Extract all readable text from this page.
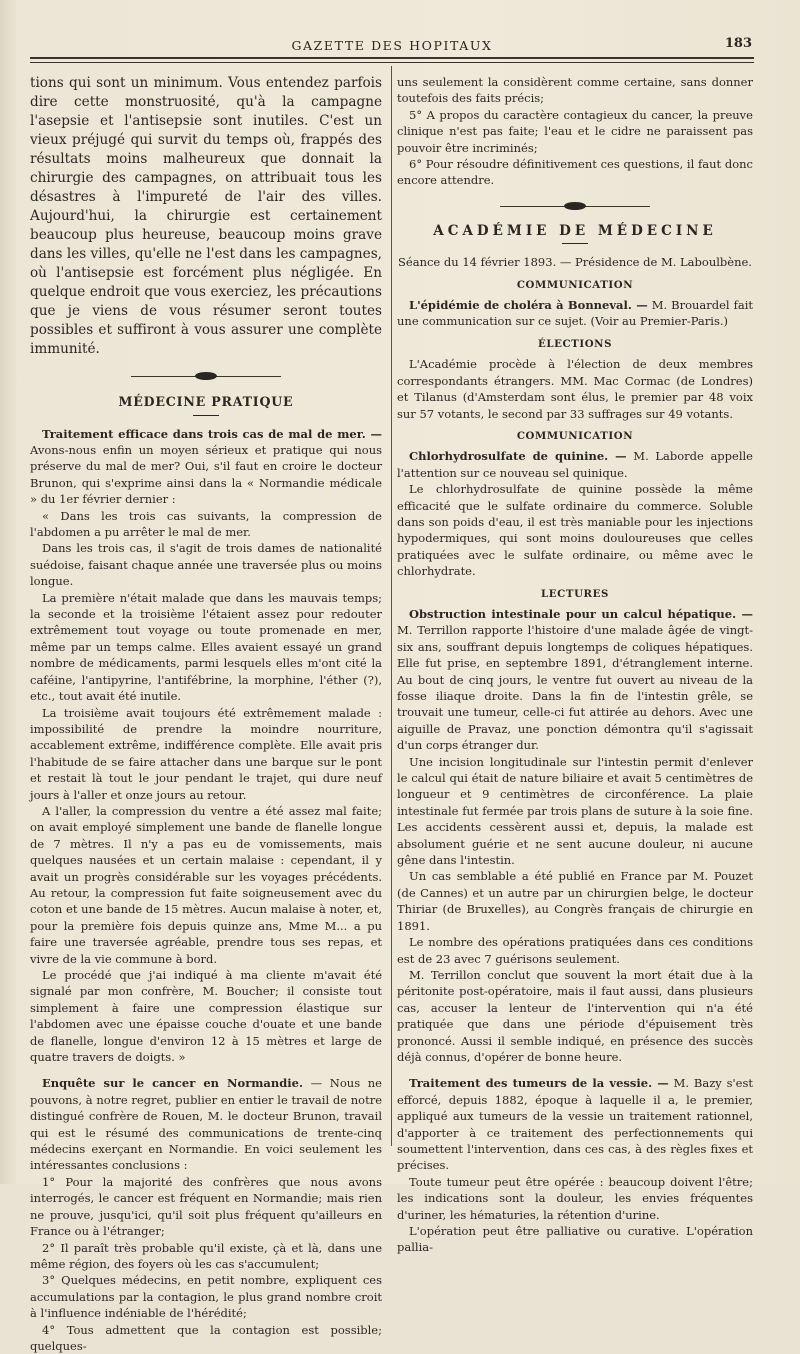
GAZETTE DES HOPITAUX	183

tions qui sont un minimum. Vous entendez parfois dire cette monstruosité, qu'à la campagne l'asepsie et l'antisepsie sont inutiles. C'est un vieux préjugé qui survit du temps où, frappés des résultats moins malheureux que donnait la chirurgie des campagnes, on attribuait tous les désastres à l'impureté de l'air des villes. Aujourd'hui, la chirurgie est certainement beaucoup plus heureuse, beaucoup moins grave dans les villes, qu'elle ne l'est dans les campagnes, où l'antisepsie est forcément plus négligée. En quelque endroit que vous exerciez, les précautions que je viens de vous résumer seront toutes possibles et suffiront à vous assurer une complète immunité.

MÉDECINE PRATIQUE

Traitement efficace dans trois cas de mal de mer. — Avons-nous enfin un moyen sérieux et pratique qui nous préserve du mal de mer? Oui, s'il faut en croire le docteur Brunon, qui s'exprime ainsi dans la « Normandie médicale » du 1er février dernier :

« Dans les trois cas suivants, la compression de l'abdomen a pu arrêter le mal de mer.

Dans les trois cas, il s'agit de trois dames de nationalité suédoise, faisant chaque année une traversée plus ou moins longue.

La première n'était malade que dans les mauvais temps; la seconde et la troisième l'étaient assez pour redouter extrêmement tout voyage ou toute promenade en mer, même par un temps calme. Elles avaient essayé un grand nombre de médicaments, parmi lesquels elles m'ont cité la caféine, l'antipyrine, l'antifébrine, la morphine, l'éther (?), etc., tout avait été inutile.

La troisième avait toujours été extrêmement malade : impossibilité de prendre la moindre nourriture, accablement extrême, indifférence complète. Elle avait pris l'habitude de se faire attacher dans une barque sur le pont et restait là tout le jour pendant le trajet, qui dure neuf jours à l'aller et onze jours au retour.

A l'aller, la compression du ventre a été assez mal faite; on avait employé simplement une bande de flanelle longue de 7 mètres. Il n'y a pas eu de vomissements, mais quelques nausées et un certain malaise : cependant, il y avait un progrès considérable sur les voyages précédents. Au retour, la compression fut faite soigneusement avec du coton et une bande de 15 mètres. Aucun malaise à noter, et, pour la première fois depuis quinze ans, Mme M... a pu faire une traversée agréable, prendre tous ses repas, et vivre de la vie commune à bord.

Le procédé que j'ai indiqué à ma cliente m'avait été signalé par mon confrère, M. Boucher; il consiste tout simplement à faire une compression élastique sur l'abdomen avec une épaisse couche d'ouate et une bande de flanelle, longue d'environ 12 à 15 mètres et large de quatre travers de doigts. »

Enquête sur le cancer en Normandie. — Nous ne pouvons, à notre regret, publier en entier le travail de notre distingué confrère de Rouen, M. le docteur Brunon, travail qui est le résumé des communications de trente-cinq médecins exerçant en Normandie. En voici seulement les intéressantes conclusions :

1° Pour la majorité des confrères que nous avons interrogés, le cancer est fréquent en Normandie; mais rien ne prouve, jusqu'ici, qu'il soit plus fréquent qu'ailleurs en France ou à l'étranger;

2° Il paraît très probable qu'il existe, çà et là, dans une même région, des foyers où les cas s'accumulent;

3° Quelques médecins, en petit nombre, expliquent ces accumulations par la contagion, le plus grand nombre croit à l'influence indéniable de l'hérédité;

4° Tous admettent que la contagion est possible; quelques-

uns seulement la considèrent comme certaine, sans donner toutefois des faits précis;

5° A propos du caractère contagieux du cancer, la preuve clinique n'est pas faite; l'eau et le cidre ne paraissent pas pouvoir être incriminés;

6° Pour résoudre définitivement ces questions, il faut donc encore attendre.

ACADÉMIE DE MÉDECINE

Séance du 14 février 1893. — Présidence de M. Laboulbène.

COMMUNICATION

L'épidémie de choléra à Bonneval. — M. Brouardel fait une communication sur ce sujet. (Voir au Premier-Paris.)

ÉLECTIONS

L'Académie procède à l'élection de deux membres correspondants étrangers. MM. Mac Cormac (de Londres) et Tilanus (d'Amsterdam sont élus, le premier par 48 voix sur 57 votants, le second par 33 suffrages sur 49 votants.

COMMUNICATION

Chlorhydrosulfate de quinine. — M. Laborde appelle l'attention sur ce nouveau sel quinique.

Le chlorhydrosulfate de quinine possède la même efficacité que le sulfate ordinaire du commerce. Soluble dans son poids d'eau, il est très maniable pour les injections hypodermiques, qui sont moins douloureuses que celles pratiquées avec le sulfate ordinaire, ou même avec le chlorhydrate.

LECTURES

Obstruction intestinale pour un calcul hépatique. — M. Terrillon rapporte l'histoire d'une malade âgée de vingt-six ans, souffrant depuis longtemps de coliques hépatiques. Elle fut prise, en septembre 1891, d'étranglement interne. Au bout de cinq jours, le ventre fut ouvert au niveau de la fosse iliaque droite. Dans la fin de l'intestin grêle, se trouvait une tumeur, celle-ci fut attirée au dehors. Avec une aiguille de Pravaz, une ponction démontra qu'il s'agissait d'un corps étranger dur.

Une incision longitudinale sur l'intestin permit d'enlever le calcul qui était de nature biliaire et avait 5 centimètres de longueur et 9 centimètres de circonférence. La plaie intestinale fut fermée par trois plans de suture à la soie fine. Les accidents cessèrent aussi et, depuis, la malade est absolument guérie et ne sent aucune douleur, ni aucune gêne dans l'intestin.

Un cas semblable a été publié en France par M. Pouzet (de Cannes) et un autre par un chirurgien belge, le docteur Thiriar (de Bruxelles), au Congrès français de chirurgie en 1891.

Le nombre des opérations pratiquées dans ces conditions est de 23 avec 7 guérisons seulement.

M. Terrillon conclut que souvent la mort était due à la péritonite post-opératoire, mais il faut aussi, dans plusieurs cas, accuser la lenteur de l'intervention qui n'a été pratiquée que dans une période d'épuisement très prononcé. Aussi il semble indiqué, en présence des succès déjà connus, d'opérer de bonne heure.

Traitement des tumeurs de la vessie. — M. Bazy s'est efforcé, depuis 1882, époque à laquelle il a, le premier, appliqué aux tumeurs de la vessie un traitement rationnel, d'apporter à ce traitement des perfectionnements qui soumettent l'intervention, dans ces cas, à des règles fixes et précises.

Toute tumeur peut être opérée : beaucoup doivent l'être; les indications sont la douleur, les envies fréquentes d'uriner, les hématuries, la rétention d'urine.

L'opération peut être palliative ou curative. L'opération pallia-
